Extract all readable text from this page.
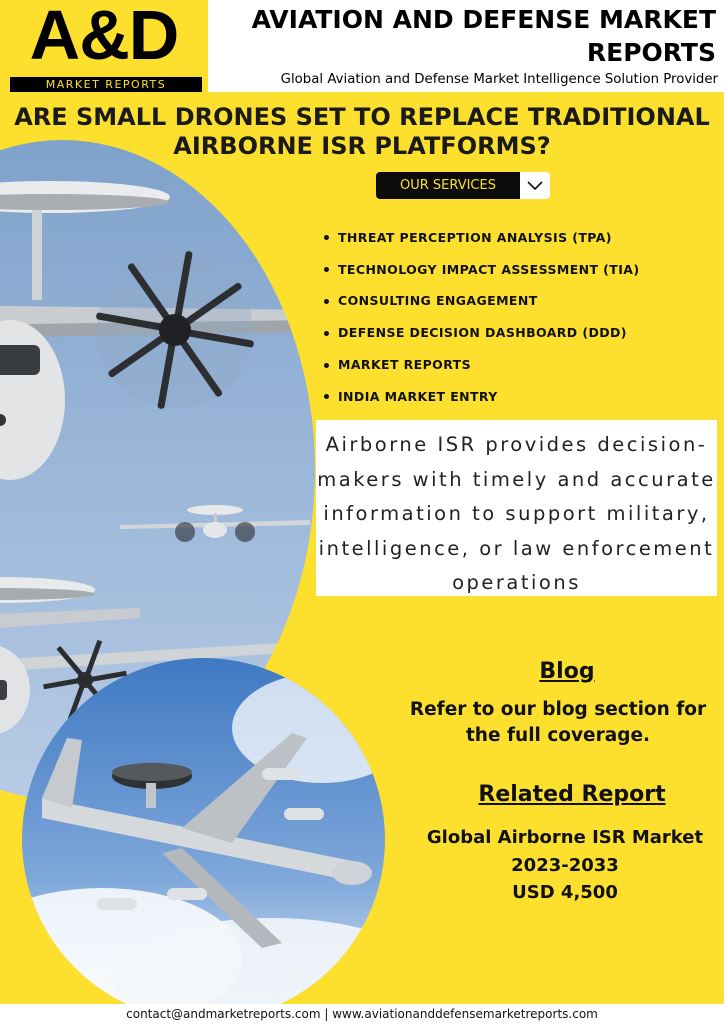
A&D
MARKET REPORTS
AVIATION AND DEFENSE MARKET REPORTS
Global Aviation and Defense Market Intelligence Solution Provider
ARE SMALL DRONES SET TO REPLACE TRADITIONAL AIRBORNE ISR PLATFORMS?
OUR SERVICES
THREAT PERCEPTION ANALYSIS (TPA)
TECHNOLOGY IMPACT ASSESSMENT (TIA)
CONSULTING ENGAGEMENT
DEFENSE DECISION DASHBOARD (DDD)
MARKET REPORTS
INDIA MARKET ENTRY
Airborne ISR provides decision-makers with timely and accurate information to support military, intelligence, or law enforcement operations
Blog
Refer to our blog section for the full coverage.
Related Report
Global Airborne ISR Market
2023-2033
USD 4,500
contact@andmarketreports.com | www.aviationanddefensemarketreports.com
